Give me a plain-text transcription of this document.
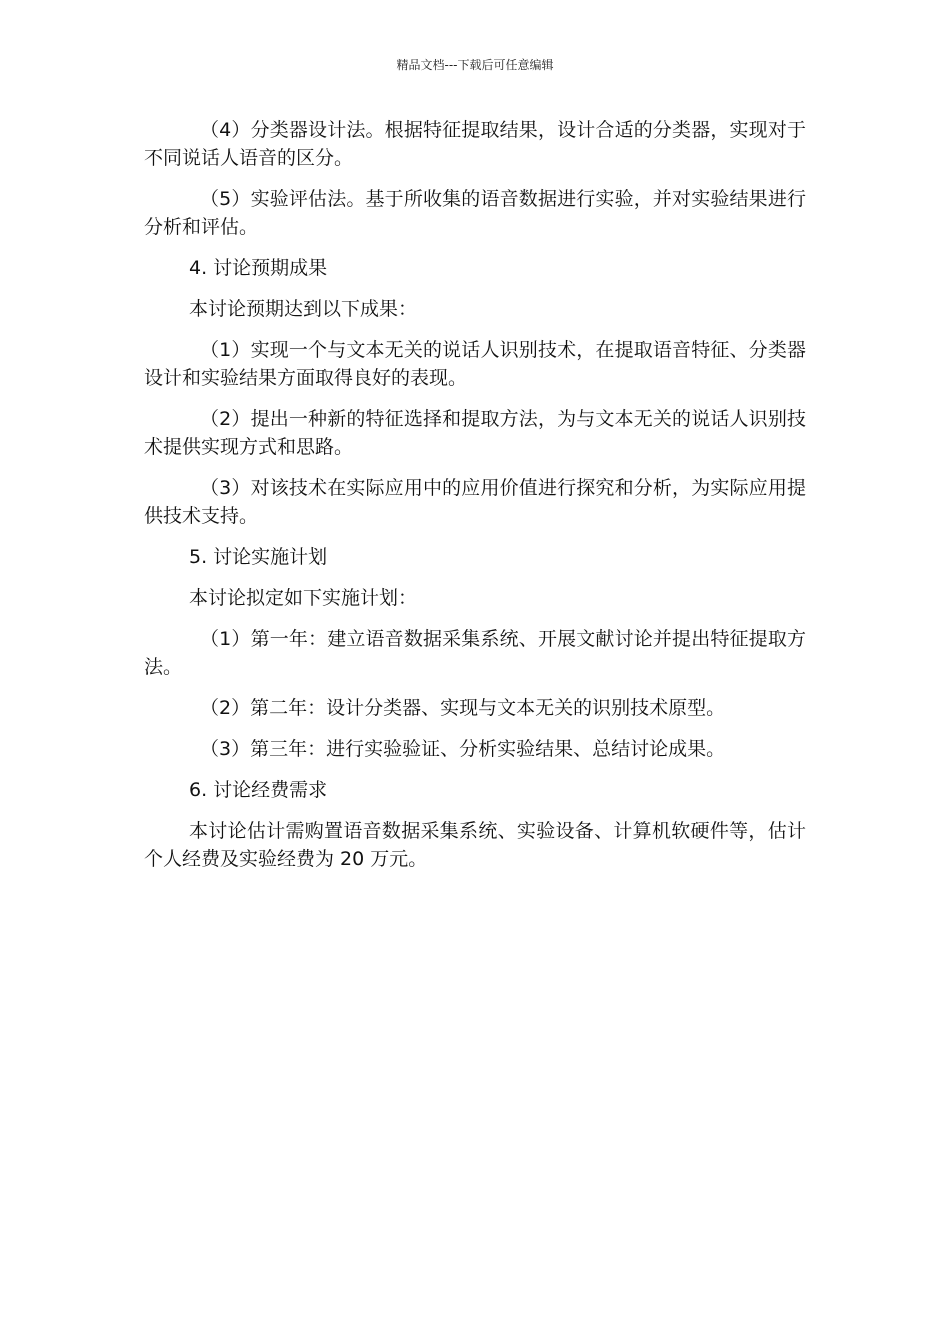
精品文档---下载后可任意编辑

（4）分类器设计法。根据特征提取结果，设计合适的分类器，实现对于不同说话人语音的区分。

（5）实验评估法。基于所收集的语音数据进行实验，并对实验结果进行分析和评估。

4. 讨论预期成果

本讨论预期达到以下成果：

（1）实现一个与文本无关的说话人识别技术，在提取语音特征、分类器设计和实验结果方面取得良好的表现。

（2）提出一种新的特征选择和提取方法，为与文本无关的说话人识别技术提供实现方式和思路。

（3）对该技术在实际应用中的应用价值进行探究和分析，为实际应用提供技术支持。

5. 讨论实施计划

本讨论拟定如下实施计划：

（1）第一年：建立语音数据采集系统、开展文献讨论并提出特征提取方法。

（2）第二年：设计分类器、实现与文本无关的识别技术原型。

（3）第三年：进行实验验证、分析实验结果、总结讨论成果。

6. 讨论经费需求

本讨论估计需购置语音数据采集系统、实验设备、计算机软硬件等，估计个人经费及实验经费为 20 万元。
